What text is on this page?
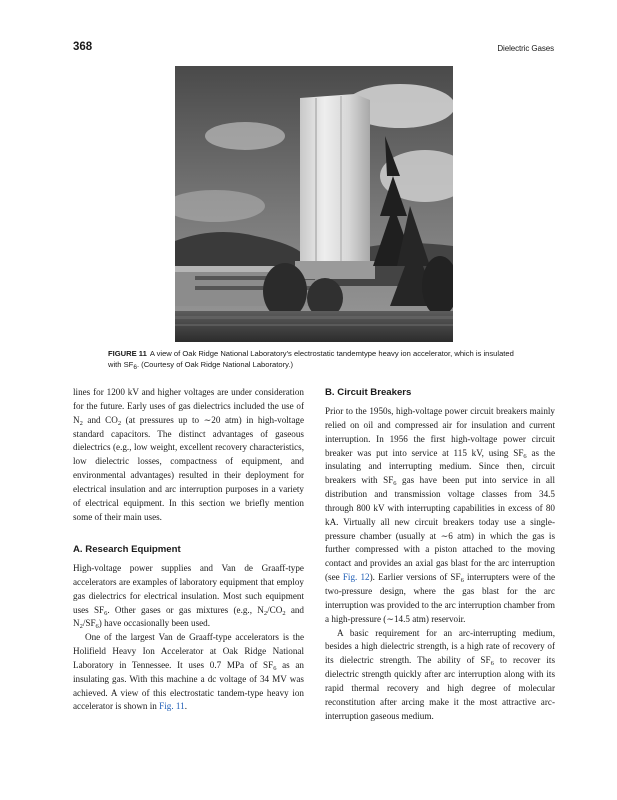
368	Dielectric Gases
FIGURE 11 A view of Oak Ridge National Laboratory's electrostatic tandemtype heavy ion accelerator, which is insulated with $SF_6$. (Courtesy of Oak Ridge National Laboratory.)

lines for 1200 kV and higher voltages are under consideration for the future. Early uses of gas dielectrics included the use of $N_2$ and $CO_2$ (at pressures up to ∼20 atm) in high-voltage standard capacitors. The distinct advantages of gaseous dielectrics (e.g., low weight, excellent recovery characteristics, low dielectric losses, compactness of equipment, and environmental advantages) resulted in their deployment for electrical insulation and arc interruption purposes in a variety of electrical equipment. In this section we briefly mention some of their main uses.

A. Research Equipment

High-voltage power supplies and Van de Graaff-type accelerators are examples of laboratory equipment that employ gas dielectrics for electrical insulation. Most such equipment uses $SF_6$. Other gases or gas mixtures (e.g., $N_2/CO_2$ and $N_2/SF_6$) have occasionally been used.

One of the largest Van de Graaff-type accelerators is the Holifield Heavy Ion Accelerator at Oak Ridge National Laboratory in Tennessee. It uses 0.7 MPa of $SF_6$ as an insulating gas. With this machine a dc voltage of 34 MV was achieved. A view of this electrostatic tandem-type heavy ion accelerator is shown in Fig. 11.

B. Circuit Breakers

Prior to the 1950s, high-voltage power circuit breakers mainly relied on oil and compressed air for insulation and current interruption. In 1956 the first high-voltage power circuit breaker was put into service at 115 kV, using $SF_6$ as the insulating and interrupting medium. Since then, circuit breakers with $SF_6$ gas have been put into service in all distribution and transmission voltage classes from 34.5 through 800 kV with interrupting capabilities in excess of 80 kA. Virtually all new circuit breakers today use a single-pressure chamber (usually at ∼6 atm) in which the gas is further compressed with a piston attached to the moving contact and provides an axial gas blast for the arc interruption (see Fig. 12). Earlier versions of $SF_6$ interrupters were of the two-pressure design, where the gas blast for the arc interruption was provided to the arc interruption chamber from a high-pressure (∼14.5 atm) reservoir.

A basic requirement for an arc-interrupting medium, besides a high dielectric strength, is a high rate of recovery of its dielectric strength. The ability of $SF_6$ to recover its dielectric strength quickly after arc interruption along with its rapid thermal recovery and high degree of molecular reconstitution after arcing make it the most attractive arc-interruption gaseous medium.
